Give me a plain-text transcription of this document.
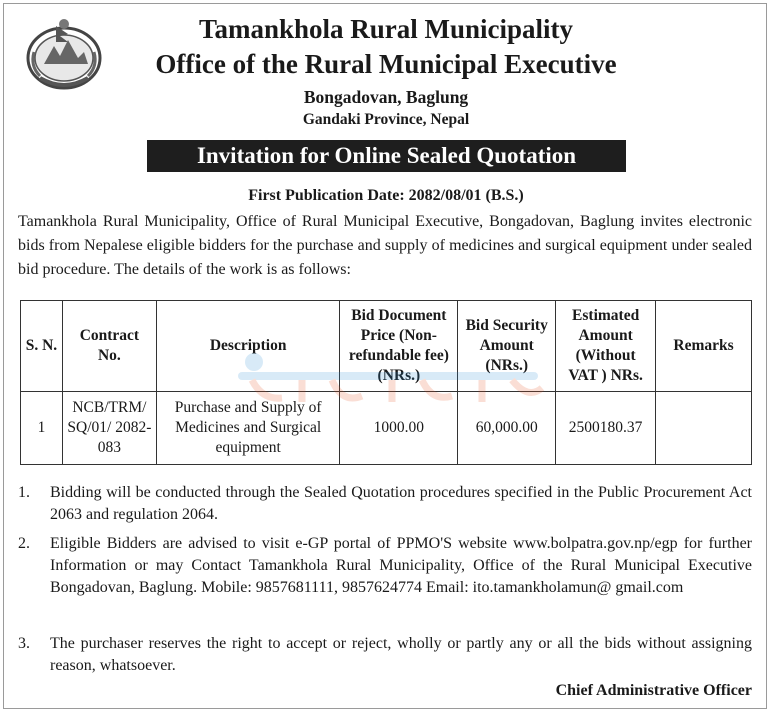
Tamankhola Rural Municipality
Office of the Rural Municipal Executive
Bongadovan, Baglung
Gandaki Province, Nepal
Invitation for Online Sealed Quotation
First Publication Date: 2082/08/01 (B.S.)
Tamankhola Rural Municipality, Office of Rural Municipal Executive, Bongadovan, Baglung invites electronic bids from Nepalese eligible bidders for the purchase and supply of medicines and surgical equipment under sealed bid procedure. The details of the work is as follows:
S. N.	Contract No.	Description	Bid Document Price (Non-refundable fee) (NRs.)	Bid Security Amount (NRs.)	Estimated Amount (Without VAT ) NRs.	Remarks
1	NCB/TRM/ SQ/01/ 2082-083	Purchase and Supply of Medicines and Surgical equipment	1000.00	60,000.00	2500180.37	
1. Bidding will be conducted through the Sealed Quotation procedures specified in the Public Procurement Act 2063 and regulation 2064.
2. Eligible Bidders are advised to visit e-GP portal of PPMO'S website www.bolpatra.gov.np/egp for further Information or may Contact Tamankhola Rural Municipality, Office of the Rural Municipal Executive Bongadovan, Baglung. Mobile: 9857681111, 9857624774 Email: ito.tamankholamun@ gmail.com
3. The purchaser reserves the right to accept or reject, wholly or partly any or all the bids without assigning reason, whatsoever.
Chief Administrative Officer
